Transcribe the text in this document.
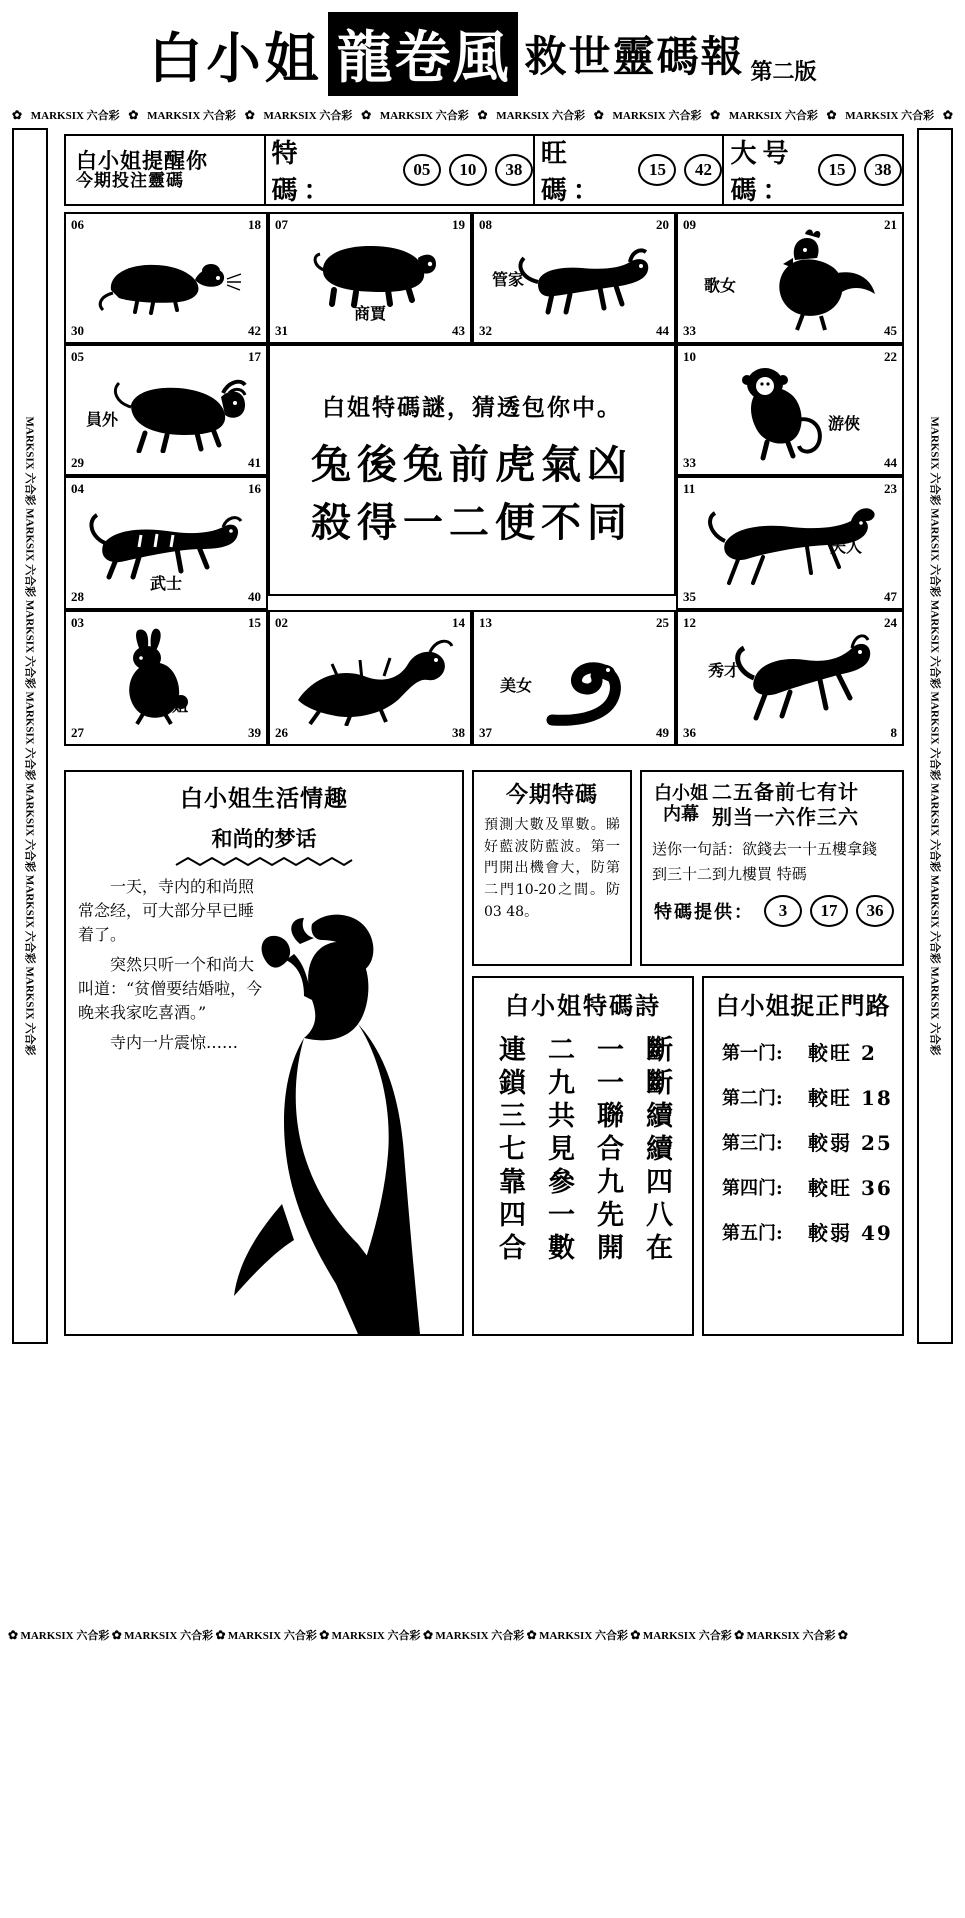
白小姐 龍卷風 救世靈碼報 第二版
✿ MARKSIX 六合彩 ✿ MARKSIX 六合彩 ✿ MARKSIX 六合彩 ✿ MARKSIX 六合彩 ✿ MARKSIX 六合彩 ✿ MARKSIX 六合彩 ✿ MARKSIX 六合彩 ✿ MARKSIX 六合彩 ✿
✿ MARKSIX 六合彩 ✿ MARKSIX 六合彩 ✿ MARKSIX 六合彩 ✿ MARKSIX 六合彩 ✿ MARKSIX 六合彩 ✿ MARKSIX 六合彩 ✿ MARKSIX 六合彩 ✿ MARKSIX 六合彩 ✿
MARKSIX 六合彩 MARKSIX 六合彩 MARKSIX 六合彩 MARKSIX 六合彩 MARKSIX 六合彩 MARKSIX 六合彩 MARKSIX 六合彩	MARKSIX 六合彩 MARKSIX 六合彩 MARKSIX 六合彩 MARKSIX 六合彩 MARKSIX 六合彩 MARKSIX 六合彩 MARKSIX 六合彩
白小姐提醒你
今期投注靈碼
特　碼：
05	10	38
旺　碼：
15	42
大号碼：
15	38
06	18
30	42
07	19
31	43
商賈
08	20
32	44
管家
09	21
33	45
歌女
05	17
29	41
員外	白姐特碼謎，猜透包你中。
兔後兔前虎氣凶
殺得一二便不同
10	22
33	44
游俠
04	16
28	40
武士
11	23
35	47
夫人
03	15
27	39
小姐
02	14
26	38
13	25
37	49
美女
12	24
36	8
秀才
白小姐生活情趣
和尚的梦话
一天，寺内的和尚照常念经，可大部分早已睡着了。
突然只听一个和尚大叫道：“贫僧要结婚啦，今晚来我家吃喜酒。”
寺内一片震惊……
今期特碼
預測大數及單數。睇好藍波防藍波。第一門開出機會大，防第二門10-20之間。防03 48。
白小姐
内幕
二五备前七有计
别当一六作三六
送你一句話：欲錢去一十五樓拿錢
到三十二到九樓買 特碼
特碼提供：	3	17	36
白小姐特碼詩
斷斷續續四八在
一一聯合九先開
二九共見參一數
連鎖三七靠四合
白小姐捉正門路
第一门:	較旺 2
第二门:	較旺 18
第三门:	較弱 25
第四门:	較旺 36
第五门:	較弱 49
